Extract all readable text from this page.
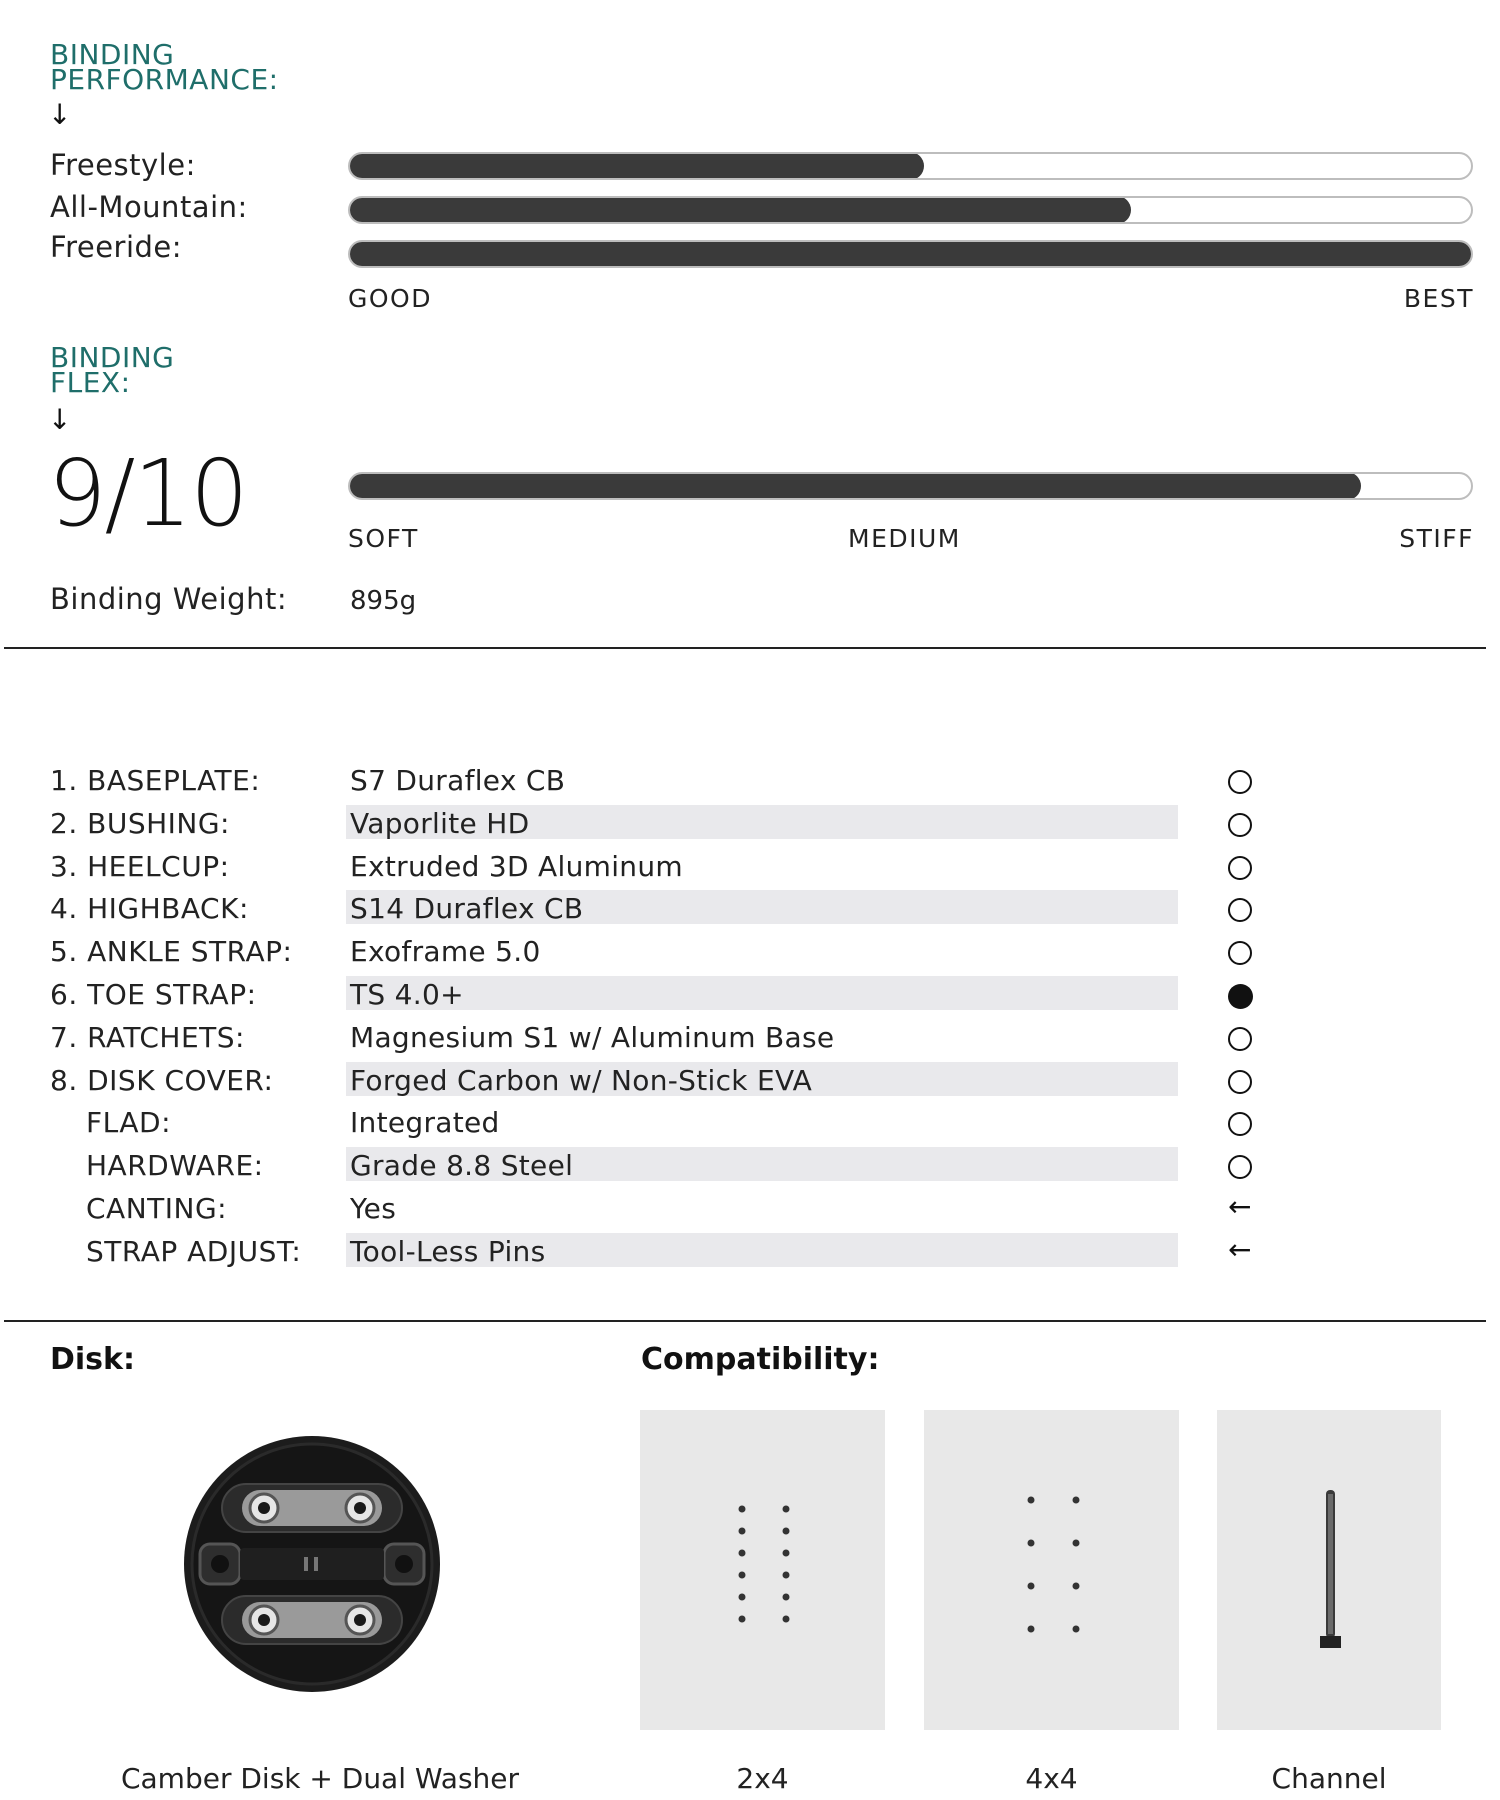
BINDING
PERFORMANCE:
↓
Freestyle:
All-Mountain:
Freeride:
GOOD	BEST
BINDING
FLEX:
↓
9/10	SOFT	MEDIUM	STIFF
Binding Weight: 895g
1. BASEPLATE:	S7 Duraflex CB
2. BUSHING:	Vaporlite HD
3. HEELCUP:	Extruded 3D Aluminum
4. HIGHBACK:	S14 Duraflex CB
5. ANKLE STRAP: Exoframe 5.0
6. TOE STRAP:	TS 4.0+
7. RATCHETS:	Magnesium S1 w/ Aluminum Base
8. DISK COVER:	Forged Carbon w/ Non-Stick EVA
FLAD:	Integrated
HARDWARE:	Grade 8.8 Steel
CANTING:	Yes	←
STRAP ADJUST: Tool-Less Pins	←
Disk:
Camber Disk + Dual Washer
Compatibility:
2x4	4x4	Channel
